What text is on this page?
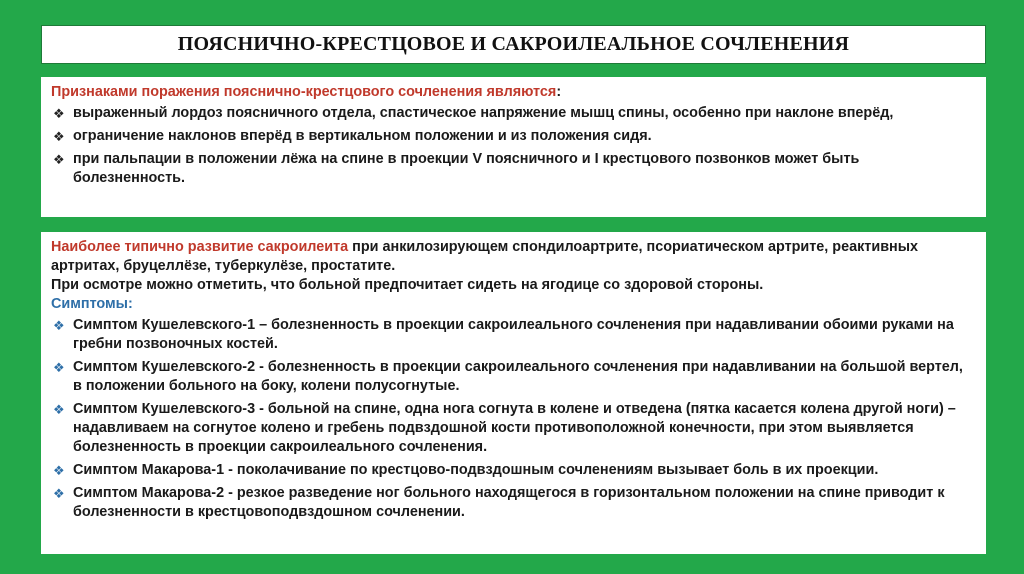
ПОЯСНИЧНО-КРЕСТЦОВОЕ И САКРОИЛЕАЛЬНОЕ СОЧЛЕНЕНИЯ

Признаками поражения пояснично-крестцового сочленения являются:

❖ выраженный лордоз поясничного отдела, спастическое напряжение мышц спины, особенно при наклоне вперёд,
❖ ограничение наклонов вперёд в вертикальном положении и из положения сидя.
❖ при пальпации в положении лёжа на спине в проекции V поясничного и I крестцового позвонков может быть болезненность.

Наиболее типично развитие сакроилеита при анкилозирующем спондилоартрите, псориатическом артрите, реактивных артритах, бруцеллёзе, туберкулёзе, простатите.

При осмотре можно отметить, что больной предпочитает сидеть на ягодице со здоровой стороны.

Симптомы:

❖ Симптом Кушелевского-1 – болезненность в проекции сакроилеального сочленения при надавливании обоими руками на гребни позвоночных костей.
❖ Симптом Кушелевского-2 - болезненность в проекции сакроилеального сочленения при надавливании на большой вертел, в положении больного на боку, колени полусогнутые.
❖ Симптом Кушелевского-3 - больной на спине, одна нога согнута в колене и отведена (пятка касается колена другой ноги) – надавливаем на согнутое колено и гребень подвздошной кости противоположной конечности, при этом выявляется болезненность в проекции сакроилеального сочленения.
❖ Симптом Макарова-1 - поколачивание по крестцово-подвздошным сочленениям вызывает боль в их проекции.
❖ Симптом Макарова-2 - резкое разведение ног больного находящегося в горизонтальном положении на спине приводит к болезненности в крестцовоподвздошном сочленении.
